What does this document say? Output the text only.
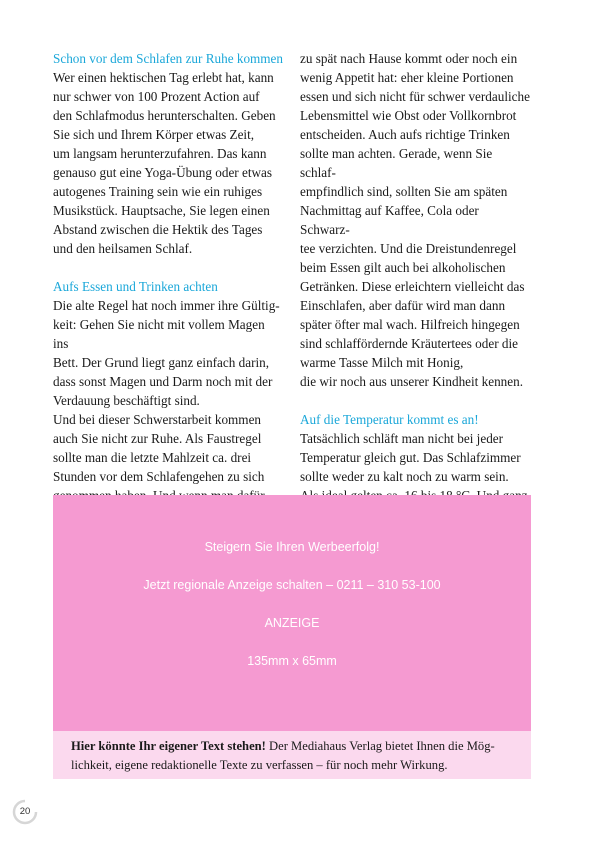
Schon vor dem Schlafen zur Ruhe kommen

Wer einen hektischen Tag erlebt hat, kann
nur schwer von 100 Prozent Action auf
den Schlafmodus herunterschalten. Geben
Sie sich und Ihrem Körper etwas Zeit,
um langsam herunterzufahren. Das kann
genauso gut eine Yoga-Übung oder etwas
autogenes Training sein wie ein ruhiges
Musikstück. Hauptsache, Sie legen einen
Abstand zwischen die Hektik des Tages
und den heilsamen Schlaf.

Aufs Essen und Trinken achten

Die alte Regel hat noch immer ihre Gültig-
keit: Gehen Sie nicht mit vollem Magen ins
Bett. Der Grund liegt ganz einfach darin,
dass sonst Magen und Darm noch mit der
Verdauung beschäftigt sind.
Und bei dieser Schwerstarbeit kommen
auch Sie nicht zur Ruhe. Als Faustregel
sollte man die letzte Mahlzeit ca. drei
Stunden vor dem Schlafengehen zu sich

zu spät nach Hause kommt oder noch ein
wenig Appetit hat: eher kleine Portionen
essen und sich nicht für schwer verdauliche
Lebensmittel wie Obst oder Vollkornbrot
entscheiden. Auch aufs richtige Trinken
sollte man achten. Gerade, wenn Sie schlaf-
empfindlich sind, sollten Sie am späten
Nachmittag auf Kaffee, Cola oder Schwarz-
tee verzichten. Und die Dreistundenregel
beim Essen gilt auch bei alkoholischen
Getränken. Diese erleichtern vielleicht das
Einschlafen, aber dafür wird man dann
später öfter mal wach. Hilfreich hingegen
sind schlaffördernde Kräutertees oder die
warme Tasse Milch mit Honig,
die wir noch aus unserer Kindheit kennen.

Auf die Temperatur kommt es an!

Tatsächlich schläft man nicht bei jeder
Temperatur gleich gut. Das Schlafzimmer
sollte weder zu kalt noch zu warm sein.

Steigern Sie Ihren Werbeerfolg!
Jetzt regionale Anzeige schalten – 0211 – 310 53-100
ANZEIGE
135mm x 65mm
Hier könnte Ihr eigener Text stehen! Der Mediahaus Verlag bietet Ihnen die Mög-
lichkeit, eigene redaktionelle Texte zu verfassen – für noch mehr Wirkung.
20
